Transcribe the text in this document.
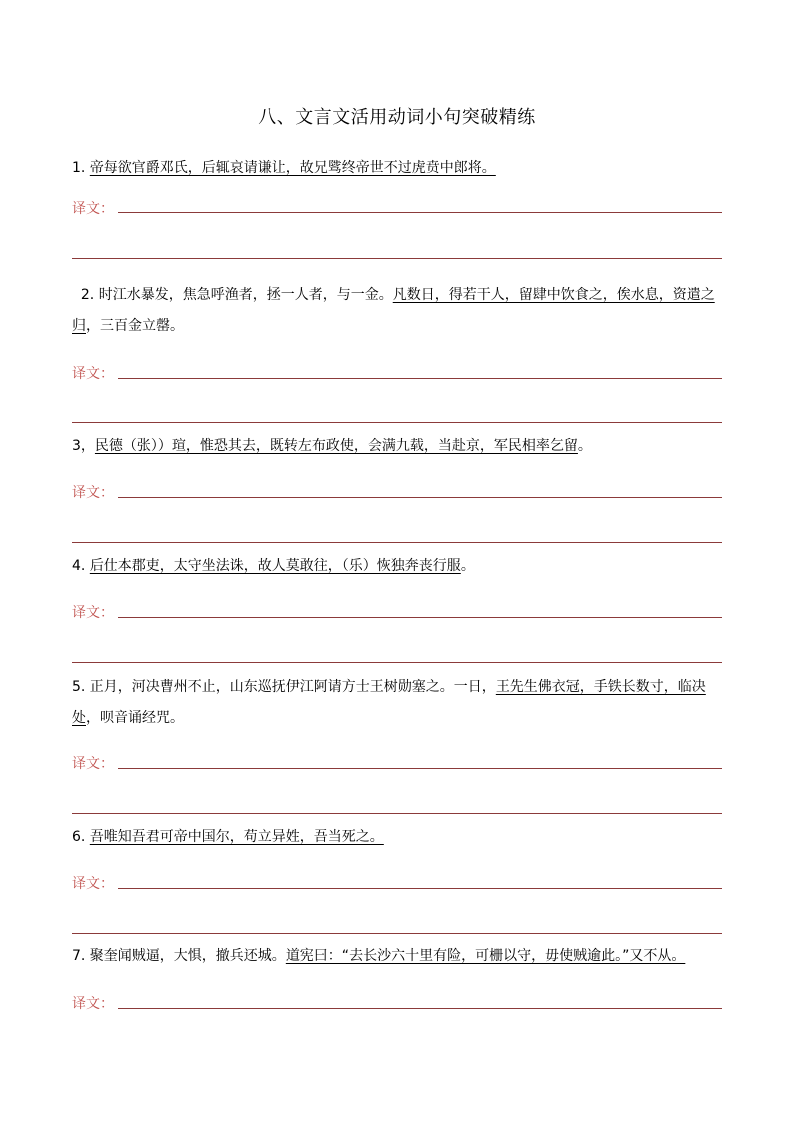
八、文言文活用动词小句突破精练
1. 帝每欲官爵邓氏，后辄哀请谦让，故兄骘终帝世不过虎贲中郎将。
译文：
2. 时江水暴发，焦急呼渔者，拯一人者，与一金。凡数日，得若干人，留肆中饮食之，俟水息，资遣之归，三百金立罄。
译文：
3，民德（张））瑄，惟恐其去，既转左布政使，会满九载，当赴京，军民相率乞留。
译文：
4. 后仕本郡吏，太守坐法诛，故人莫敢往，（乐）恢独奔丧行服。
译文：
5. 正月，河决曹州不止，山东巡抚伊江阿请方士王树勋塞之。一日，王先生佛衣冠，手铁长数寸，临决处，呗音诵经咒。
译文：
6. 吾唯知吾君可帝中国尔，苟立异姓，吾当死之。
译文：
7. 聚奎闻贼逼，大惧，撤兵还城。道宪曰：“去长沙六十里有险，可栅以守，毋使贼逾此。”又不从。
译文：
